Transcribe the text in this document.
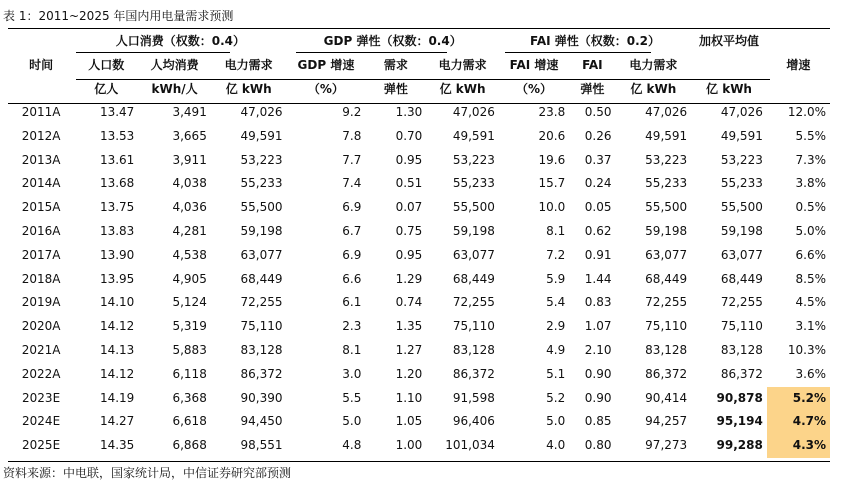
表 1：2011~2025 年国内用电量需求预测
时间	人口消费（权数：0.4）			GDP 弹性（权数：0.4）			FAI 弹性（权数：0.2）			加权平均值	增速
	人口数	人均消费	电力需求	GDP 增速	需求	电力需求	FAI 增速	FAI	电力需求		
	亿人	kWh/人	亿 kWh	（%）	弹性	亿 kWh	（%）	弹性	亿 kWh	亿 kWh	
2011A	13.47	3,491	47,026	9.2	1.30	47,026	23.8	0.50	47,026	47,026	12.0%
2012A	13.53	3,665	49,591	7.8	0.70	49,591	20.6	0.26	49,591	49,591	5.5%
2013A	13.61	3,911	53,223	7.7	0.95	53,223	19.6	0.37	53,223	53,223	7.3%
2014A	13.68	4,038	55,233	7.4	0.51	55,233	15.7	0.24	55,233	55,233	3.8%
2015A	13.75	4,036	55,500	6.9	0.07	55,500	10.0	0.05	55,500	55,500	0.5%
2016A	13.83	4,281	59,198	6.7	0.75	59,198	8.1	0.62	59,198	59,198	5.0%
2017A	13.90	4,538	63,077	6.9	0.95	63,077	7.2	0.91	63,077	63,077	6.6%
2018A	13.95	4,905	68,449	6.6	1.29	68,449	5.9	1.44	68,449	68,449	8.5%
2019A	14.10	5,124	72,255	6.1	0.74	72,255	5.4	0.83	72,255	72,255	4.5%
2020A	14.12	5,319	75,110	2.3	1.35	75,110	2.9	1.07	75,110	75,110	3.1%
2021A	14.13	5,883	83,128	8.1	1.27	83,128	4.9	2.10	83,128	83,128	10.3%
2022A	14.12	6,118	86,372	3.0	1.20	86,372	5.1	0.90	86,372	86,372	3.6%
2023E	14.19	6,368	90,390	5.5	1.10	91,598	5.2	0.90	90,414	90,878	5.2%
2024E	14.27	6,618	94,450	5.0	1.05	96,406	5.0	0.85	94,257	95,194	4.7%
2025E	14.35	6,868	98,551	4.8	1.00	101,034	4.0	0.80	97,273	99,288	4.3%
资料来源：中电联，国家统计局，中信证券研究部预测
